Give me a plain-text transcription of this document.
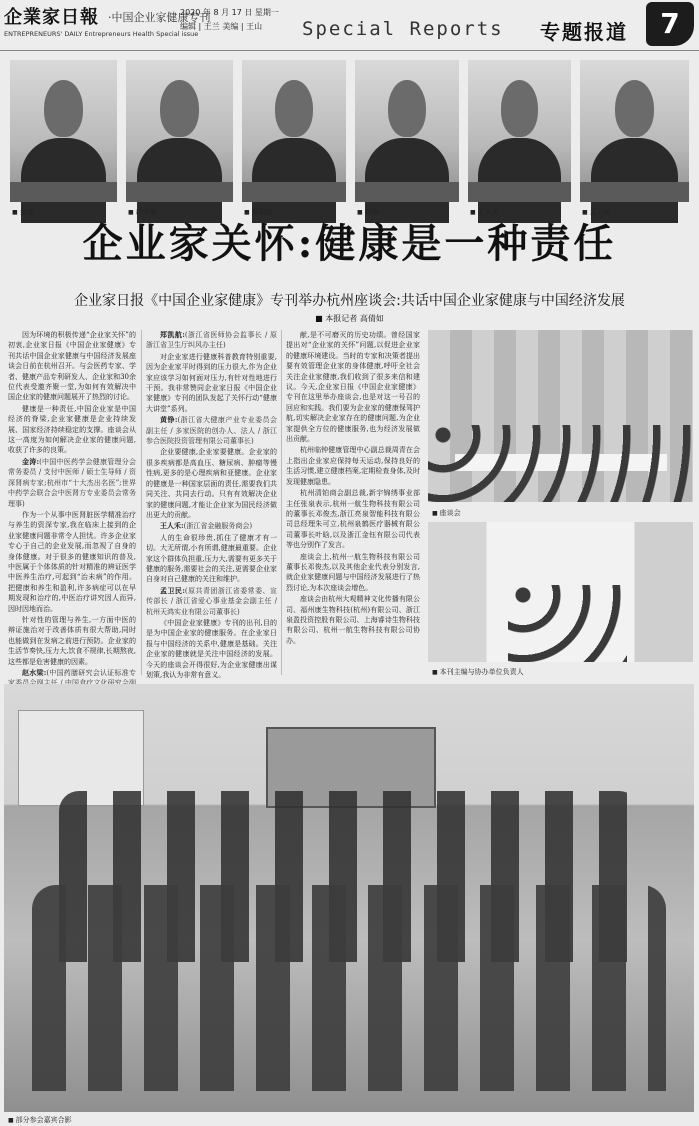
企業家日報 ·中国企业家健康专刊
ENTREPRENEURS' DAILY Entrepreneurs Health Special issue
2020 年 8 月 17 日 星期一
编辑 | 王兰 美编 | 王山 Special Reports 专题报道	7
■ 金涛	■ 赵水梁	■ 郑凯航	■ 黄铮	■ 王人禾	■ 孟卫民
企业家关怀:健康是一种责任
企业家日报《中国企业家健康》专刊举办杭州座谈会:共话中国企业家健康与中国经济发展
■ 本报记者 高倩如

因为环境的积极传递“企业家关怀”的初衷,企业家日报《中国企业家健康》专刊共话中国企业家健康与中国经济发展座谈会日前在杭州召开。与会医药专家、学者、健康产品专利研发人、企业家和30余位代表受邀齐聚一堂,为如何有效解决中国企业家的健康问题展开了热烈的讨论。

健康是一种责任,中国企业家是中国经济的脊梁,企业家健康是企业持续发展、国家经济持续稳定的支撑。座谈会从这一高度为如何解决企业家的健康问题,收获了许多的良策。

金涛:(中国中医药学会健康管理分会常务委员 / 支付中医师 / 硕士生导师 / 资深肾病专家;杭州市“十大杰出名医”;世界中药学会联合会中医肾方专业委员会常务理事)

作为一个从事中医肾脏医学精准治疗与养生的资深专家,我在临床上接到的企业家健康问题非常令人担忧。许多企业家专心于自己的企业发展,而忽视了自身的身体健康。对于很多的健康知识的普及,中医属于个体体质的针对精准的辨证医学中医养生治疗,可起到“治未病”的作用。把健康和养生和盈利,许多病症可以在早期发现和治疗的,中医治疗讲究因人而异,因时因地而治。

针对性的管理与养生,一方面中医的辩证施治对于改善体质有很大帮助,同时也能做到在发病之前进行预防。企业家的生活节奏快,压力大,饮食不规律,长期熬夜,这些都是危害健康的因素。

赵水梁:(中国药膳研究会认证标准专

郑凯航:(浙江省医师协会监事长 / 原浙江省卫生厅纠风办主任)

对企业家进行健康科普教育特别重要,因为企业家平时得到的压力很大,作为企业家应该学习如何面对压力,有针对性地进行干预。我非常赞同企业家日报《中国企业家健康》专刊的团队发起了关怀行动“健康大讲堂”系列。

黄铮:(浙江省大健康产业专业委员会副主任 / 多家医院的创办人、法人 / 浙江参合医院投资管理有限公司董事长)

企业要健康,企业家要健康。企业家的很多疾病都是高血压、糖尿病、肿瘤等慢性病,更多的是心理疾病和亚健康。企业家的健康是一种国家层面的责任,需要我们共同关注、共同去行动。只有有效解决企业家的健康问题,才能让企业家为国民经济做出更大的贡献。

王人禾:(浙江省金融服务商会)

人的生命很珍贵,抓住了健康才有一切。大无所谓,小有所谓,健康最重要。企业家这个群体负担重,压力大,需要有更多关于健康的服务,需要社会的关注,更需要企业家自身对自己健康的关注和维护。

孟卫民:(原共青团浙江省委常委、宣传部长 / 浙江省爱心事业基金会副主任 / 杭州天鸿实业有限公司董事长)

《中国企业家健康》专刊的出刊,目的是为中国企业家的健康服务。在企业家日报与中国经济的关系中,健康是基础。关注企业家的健康就是关注中国经济的发展。今天的座谈会开得很好,为企业家健康出谋划策,我认为非常有意义。

献,是不可磨灭的历史功绩。曾经国家提出对“企业家的关怀”问题,以促进企业家的健康环境建设。当时的专家和决策者提出要有效管理企业家的身体健康,呼吁全社会关注企业家健康,我们收到了很多来信和建议。今天,企业家日报《中国企业家健康》专刊在这里举办座谈会,也是对这一号召的回应和实践。我们要为企业家的健康保驾护航,切实解决企业家存在的健康问题,为企业家提供全方位的健康服务,也为经济发展做出贡献。

杭州临钟健康管理中心副总裁周青在会上指出企业家应保持每天运动,保持良好的生活习惯,建立健康档案,定期检查身体,及时发现健康隐患。

杭州清铂商会副总裁,新宇锦绣事业部主任张泉表示,杭州一航生物科技有限公司的董事长邓俊杰,浙江亮泉智能科技有限公司总经理朱可立,杭州泉鹤医疗器械有限公司董事长叶晗,以及浙江金钰有限公司代表等也分别作了发言。

座谈会上,杭州一航生物科技有限公司董事长邓俊杰,以及其他企业代表分别发言,就企业家健康问题与中国经济发展进行了热烈讨论,为本次座谈会增色。

座谈会由杭州大观精神文化传播有限公司、福州康生物科技(杭州)有限公司、浙江泉盈投资控股有限公司、上海睿诗生物科技有限公司、杭州一航生物科技有限公司协办。

■ 座谈会
■ 本刊主编与协办单位负责人
■ 部分参会嘉宾合影
